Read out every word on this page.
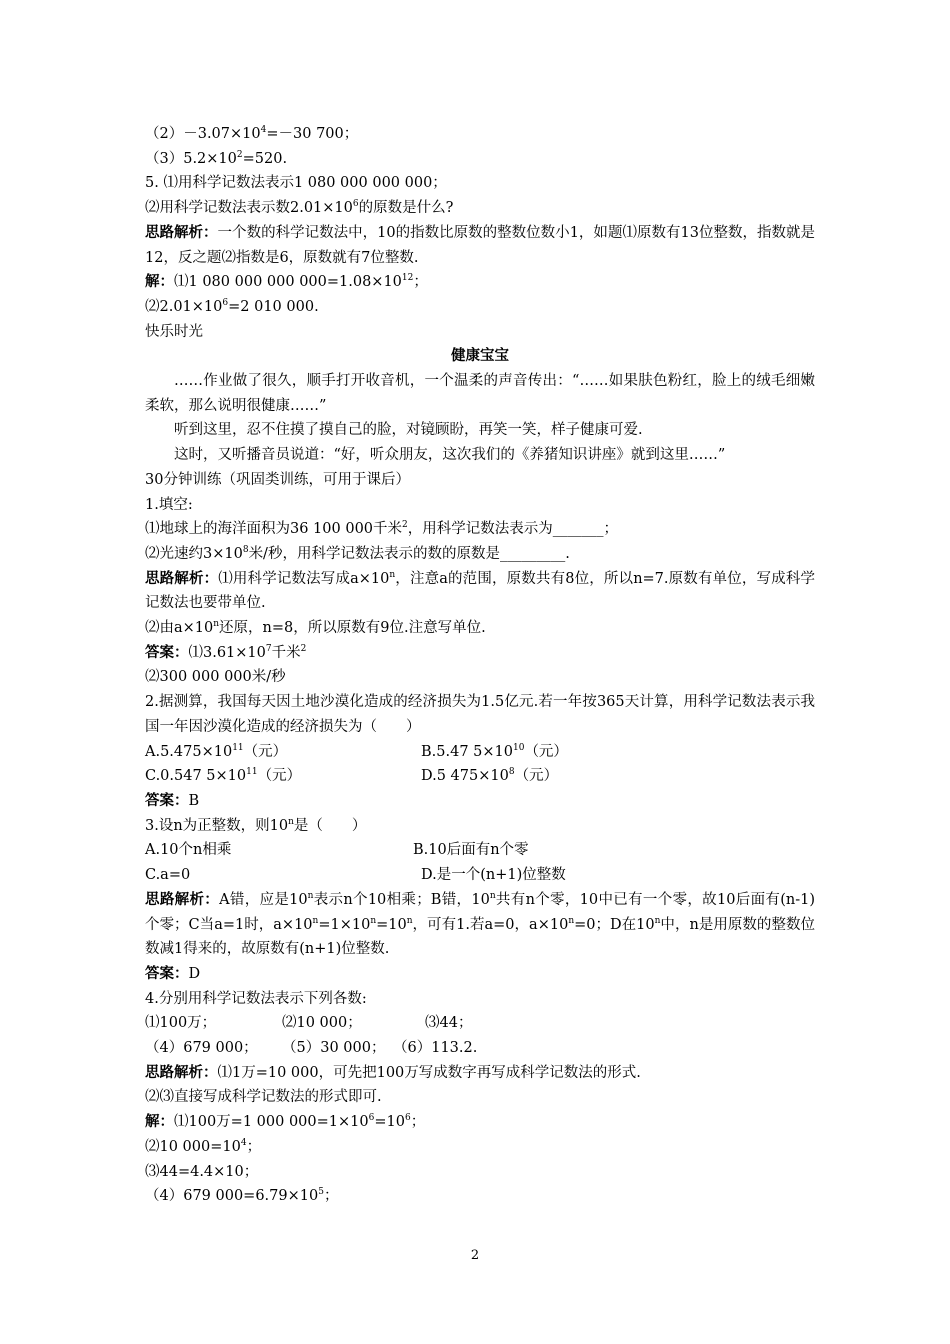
$(2)-3.07\times 10^4=-30$ 700；
$(3)5.2\times 10^2=520$.
5. ⑴用科学记数法表示1 080 000 000 000；
⑵用科学记数法表示数$2.01\times 10^6$的原数是什么?
思路解析：一个数的科学记数法中，10的指数比原数的整数位数小1，如题⑴原数有13位整数，指数就是12，反之题⑵指数是6，原数就有7位整数.
解：⑴1 080 000 000 $000=1.08\times 10^{12}$；
$⑵2.01\times 10^6=2$ 010 000.
快乐时光
健康宝宝
……作业做了很久，顺手打开收音机，一个温柔的声音传出：“……如果肤色粉红，脸上的绒毛细嫩柔软，那么说明很健康……”
听到这里，忍不住摸了摸自己的脸，对镜顾盼，再笑一笑，样子健康可爱.
这时，又听播音员说道：“好，听众朋友，这次我们的《养猪知识讲座》就到这里……”
30分钟训练（巩固类训练，可用于课后）
1.填空:
⑴地球上的海洋面积为36 100 000千米$^2$，用科学记数法表示为_______；
⑵光速约$3\times 10^8$米/秒，用科学记数法表示的数的原数是_________.
思路解析：⑴用科学记数法写成$a\times 10^n$，注意a的范围，原数共有8位，所以n=7.原数有单位，写成科学记数法也要带单位.
⑵由$a\times 10^n$还原，n=8，所以原数有9位.注意写单位.
答案：$⑴3.61\times 10^7$千米$^2$
⑵300 000 000米/秒
2.据测算，我国每天因土地沙漠化造成的经济损失为1.5亿元.若一年按365天计算，用科学记数法表示我国一年因沙漠化造成的经济损失为（　　）
$A.5.475\times 10^{11}$（元）	B.5.47 $5\times 10^{10}$（元）
C.0.547 $5\times 10^{11}$（元）	D.5 $475\times 10^8$（元）
答案：B
3.设n为正整数，则10$^n$是（　　）
A.10个n相乘	B.10后面有n个零
C.a=0	D.是一个(n+1)位整数
思路解析：A错，应是10$^n$表示n个10相乘；B错，10$^n$共有n个零，10中已有一个零，故10后面有(n-1)个零；C当a=1时，$a\times 10^n=1\times 10^n=10^n$，可有1.若a=0，$a\times 10^n=0$；D在10$^n$中，n是用原数的整数位数减1得来的，故原数有(n+1)位整数.
答案：D
4.分别用科学记数法表示下列各数:
⑴100万；	⑵10 000；	⑶44；
（4）679 000；	（5）30 000； （6）113.2.
思路解析：⑴1万=10 000，可先把100万写成数字再写成科学记数法的形式.
⑵⑶直接写成科学记数法的形式即可.
解：⑴100万=1 000 $000=1\times 10^6=10^6$；
⑵10 $000=10^4$；
⑶44=4.4×10；
（4）679 $000=6.79\times 10^5$；
2
